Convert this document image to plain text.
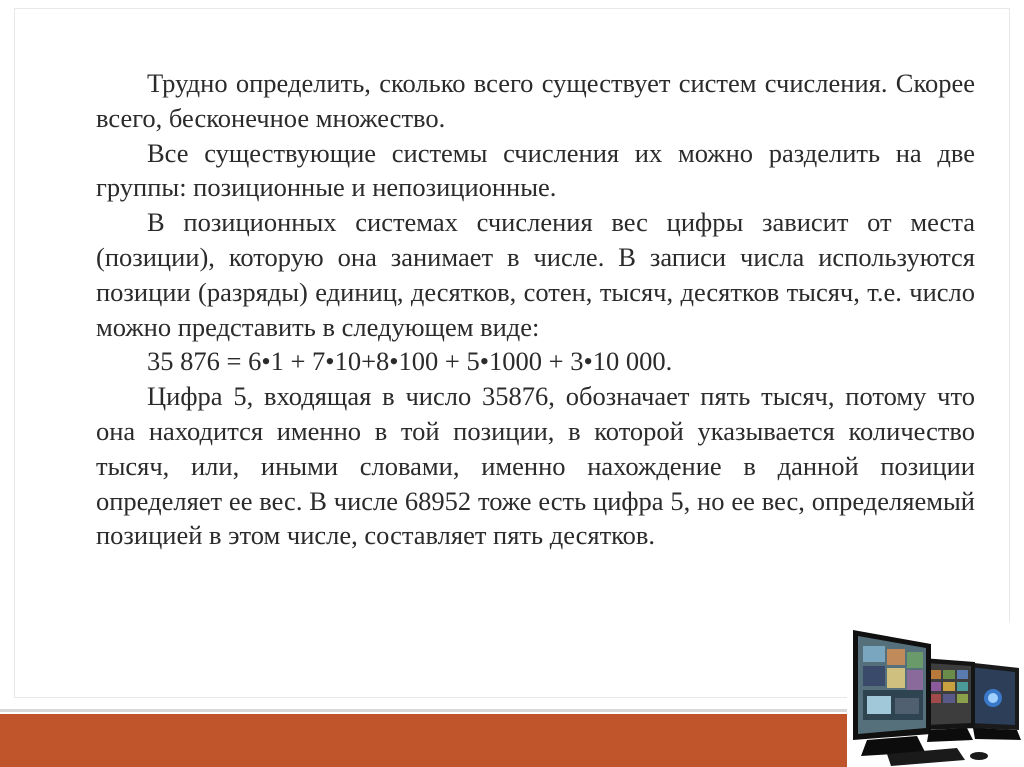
Трудно определить, сколько всего существует систем счисления. Скорее всего, бесконечное множество.

Все существующие системы счисления их можно разделить на две группы: позиционные и непозиционные.

В позиционных системах счисления вес цифры зависит от места (позиции), которую она занимает в числе. В записи числа используются позиции (разряды) единиц, десятков, сотен, тысяч, десятков тысяч, т.е. число можно представить в следующем виде:

35 876 = 6•1 + 7•10+8•100 + 5•1000 + 3•10 000.

Цифра 5, входящая в число 35876, обозначает пять тысяч, потому что она находится именно в той позиции, в которой указывается количество тысяч, или, иными словами, именно нахождение в данной позиции определяет ее вес. В числе 68952 тоже есть цифра 5, но ее вес, определяемый позицией в этом числе, составляет пять десятков.
